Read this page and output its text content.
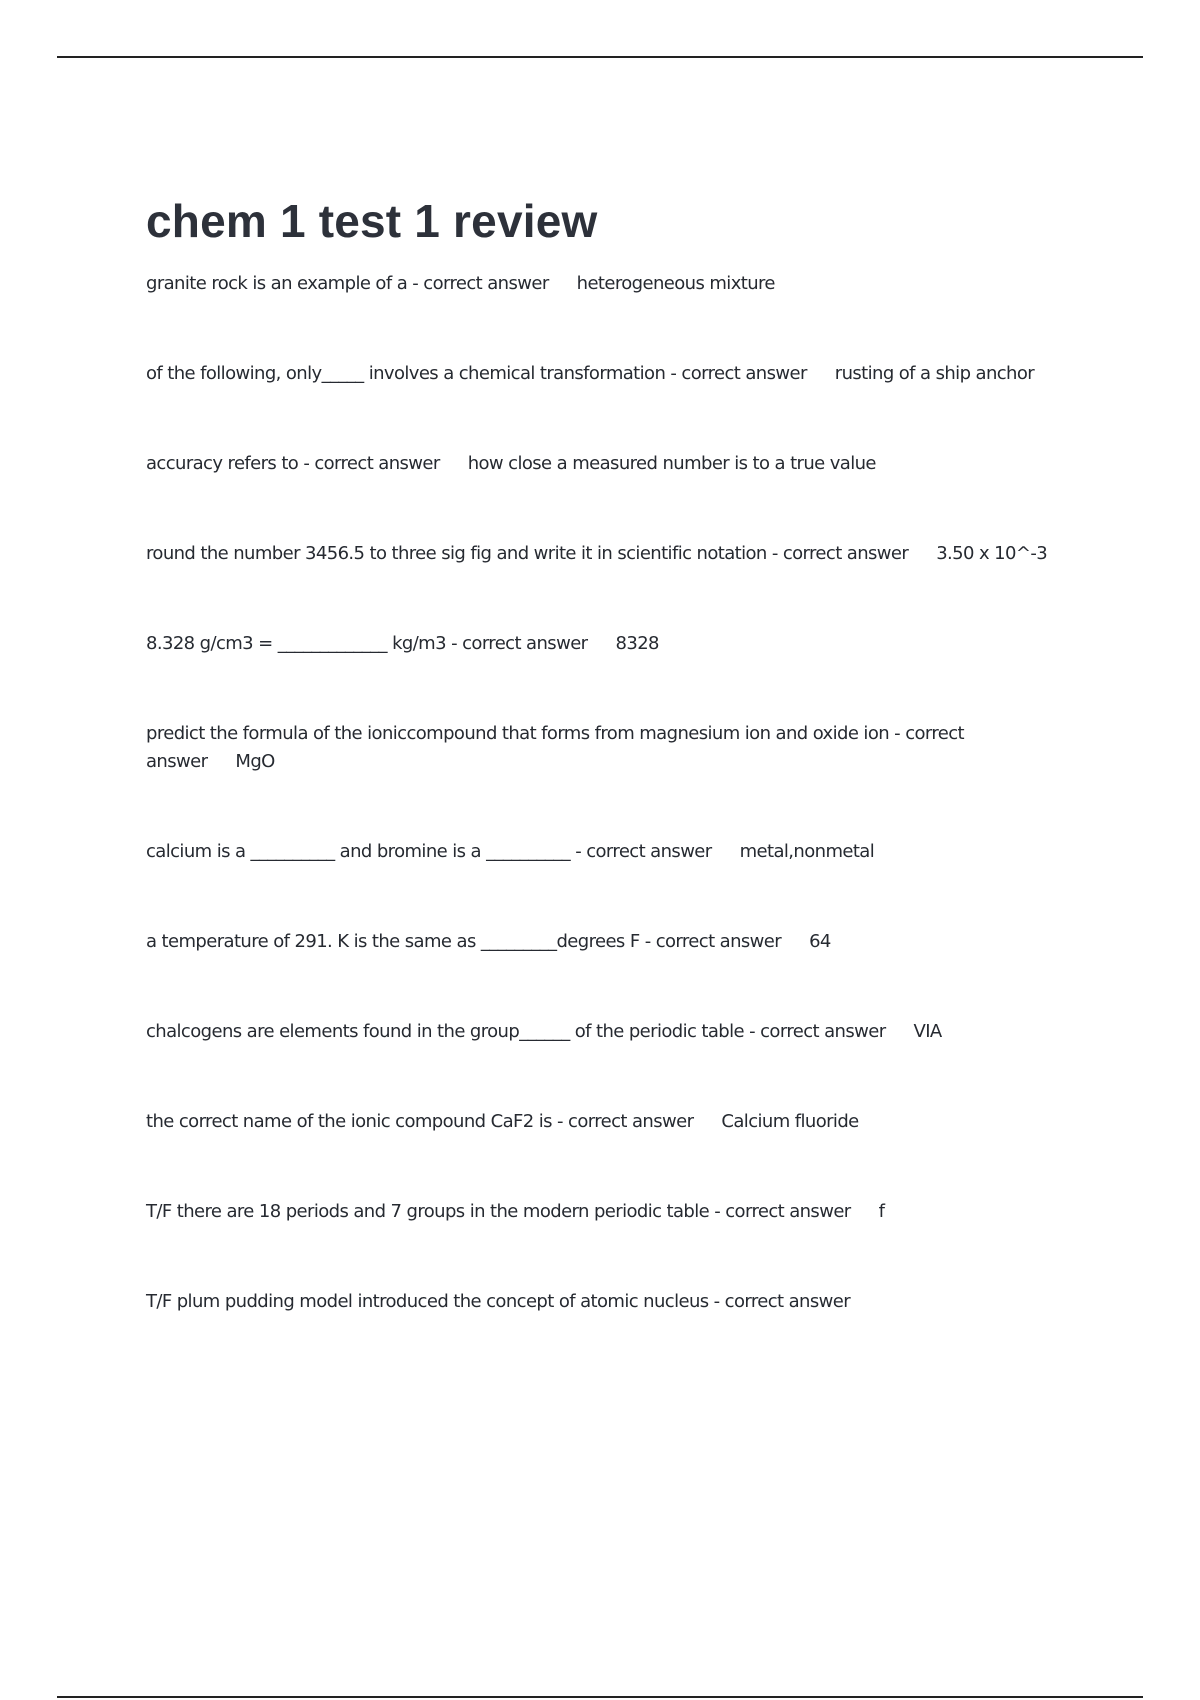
chem 1 test 1 review
granite rock is an example of a - correct answer heterogeneous mixture
of the following, only_____ involves a chemical transformation - correct answer rusting of a ship anchor
accuracy refers to - correct answer how close a measured number is to a true value
round the number 3456.5 to three sig fig and write it in scientific notation - correct answer 3.50 x 10^-3
8.328 g/cm3 = _____________ kg/m3 - correct answer 8328
predict the formula of the ioniccompound that forms from magnesium ion and oxide ion - correct answer MgO
calcium is a __________ and bromine is a __________ - correct answer metal,nonmetal
a temperature of 291. K is the same as _________degrees F - correct answer 64
chalcogens are elements found in the group______ of the periodic table - correct answer VIA
the correct name of the ionic compound CaF2 is - correct answer Calcium fluoride
T/F there are 18 periods and 7 groups in the modern periodic table - correct answer f
T/F plum pudding model introduced the concept of atomic nucleus - correct answer
